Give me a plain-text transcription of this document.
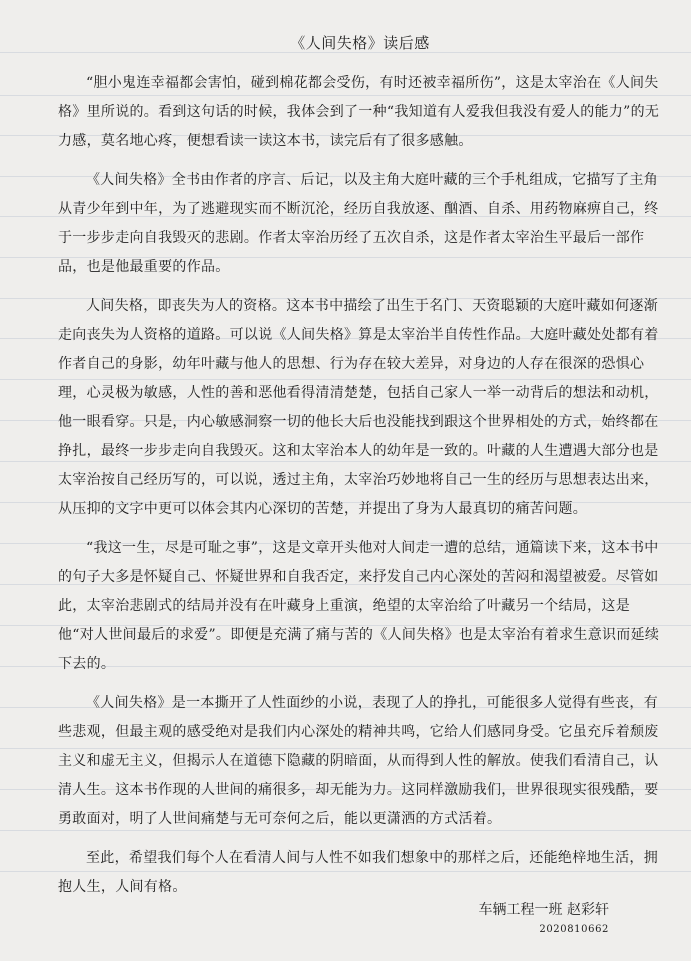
《人间失格》读后感
“胆小鬼连幸福都会害怕，碰到棉花都会受伤，有时还被幸福所伤”，这是太宰治在《人间失格》里所说的。看到这句话的时候，我体会到了一种“我知道有人爱我但我没有爱人的能力”的无力感，莫名地心疼，便想看读一读这本书，读完后有了很多感触。
《人间失格》全书由作者的序言、后记，以及主角大庭叶藏的三个手札组成，它描写了主角从青少年到中年，为了逃避现实而不断沉沦，经历自我放逐、酗酒、自杀、用药物麻痹自己，终于一步步走向自我毁灭的悲剧。作者太宰治历经了五次自杀，这是作者太宰治生平最后一部作品，也是他最重要的作品。
人间失格，即丧失为人的资格。这本书中描绘了出生于名门、天资聪颖的大庭叶藏如何逐渐走向丧失为人资格的道路。可以说《人间失格》算是太宰治半自传性作品。大庭叶藏处处都有着作者自己的身影，幼年叶藏与他人的思想、行为存在较大差异，对身边的人存在很深的恐惧心理，心灵极为敏感，人性的善和恶他看得清清楚楚，包括自己家人一举一动背后的想法和动机，他一眼看穿。只是，内心敏感洞察一切的他长大后也没能找到跟这个世界相处的方式，始终都在挣扎，最终一步步走向自我毁灭。这和太宰治本人的幼年是一致的。叶藏的人生遭遇大部分也是太宰治按自己经历写的，可以说，透过主角，太宰治巧妙地将自己一生的经历与思想表达出来，从压抑的文字中更可以体会其内心深切的苦楚，并提出了身为人最真切的痛苦问题。
“我这一生，尽是可耻之事”，这是文章开头他对人间走一遭的总结，通篇读下来，这本书中的句子大多是怀疑自己、怀疑世界和自我否定，来抒发自己内心深处的苦闷和渴望被爱。尽管如此，太宰治悲剧式的结局并没有在叶藏身上重演，绝望的太宰治给了叶藏另一个结局，这是他“对人世间最后的求爱”。即便是充满了痛与苦的《人间失格》也是太宰治有着求生意识而延续下去的。
《人间失格》是一本撕开了人性面纱的小说，表现了人的挣扎，可能很多人觉得有些丧，有些悲观，但最主观的感受绝对是我们内心深处的精神共鸣，它给人们感同身受。它虽充斥着颓废主义和虚无主义，但揭示人在道德下隐藏的阴暗面，从而得到人性的解放。使我们看清自己，认清人生。这本书作现的人世间的痛很多，却无能为力。这同样激励我们，世界很现实很残酷，要勇敢面对，明了人世间痛楚与无可奈何之后，能以更潇洒的方式活着。
至此，希望我们每个人在看清人间与人性不如我们想象中的那样之后，还能绝梓地生活，拥抱人生，人间有格。

车辆工程一班 赵彩轩

2020810662
